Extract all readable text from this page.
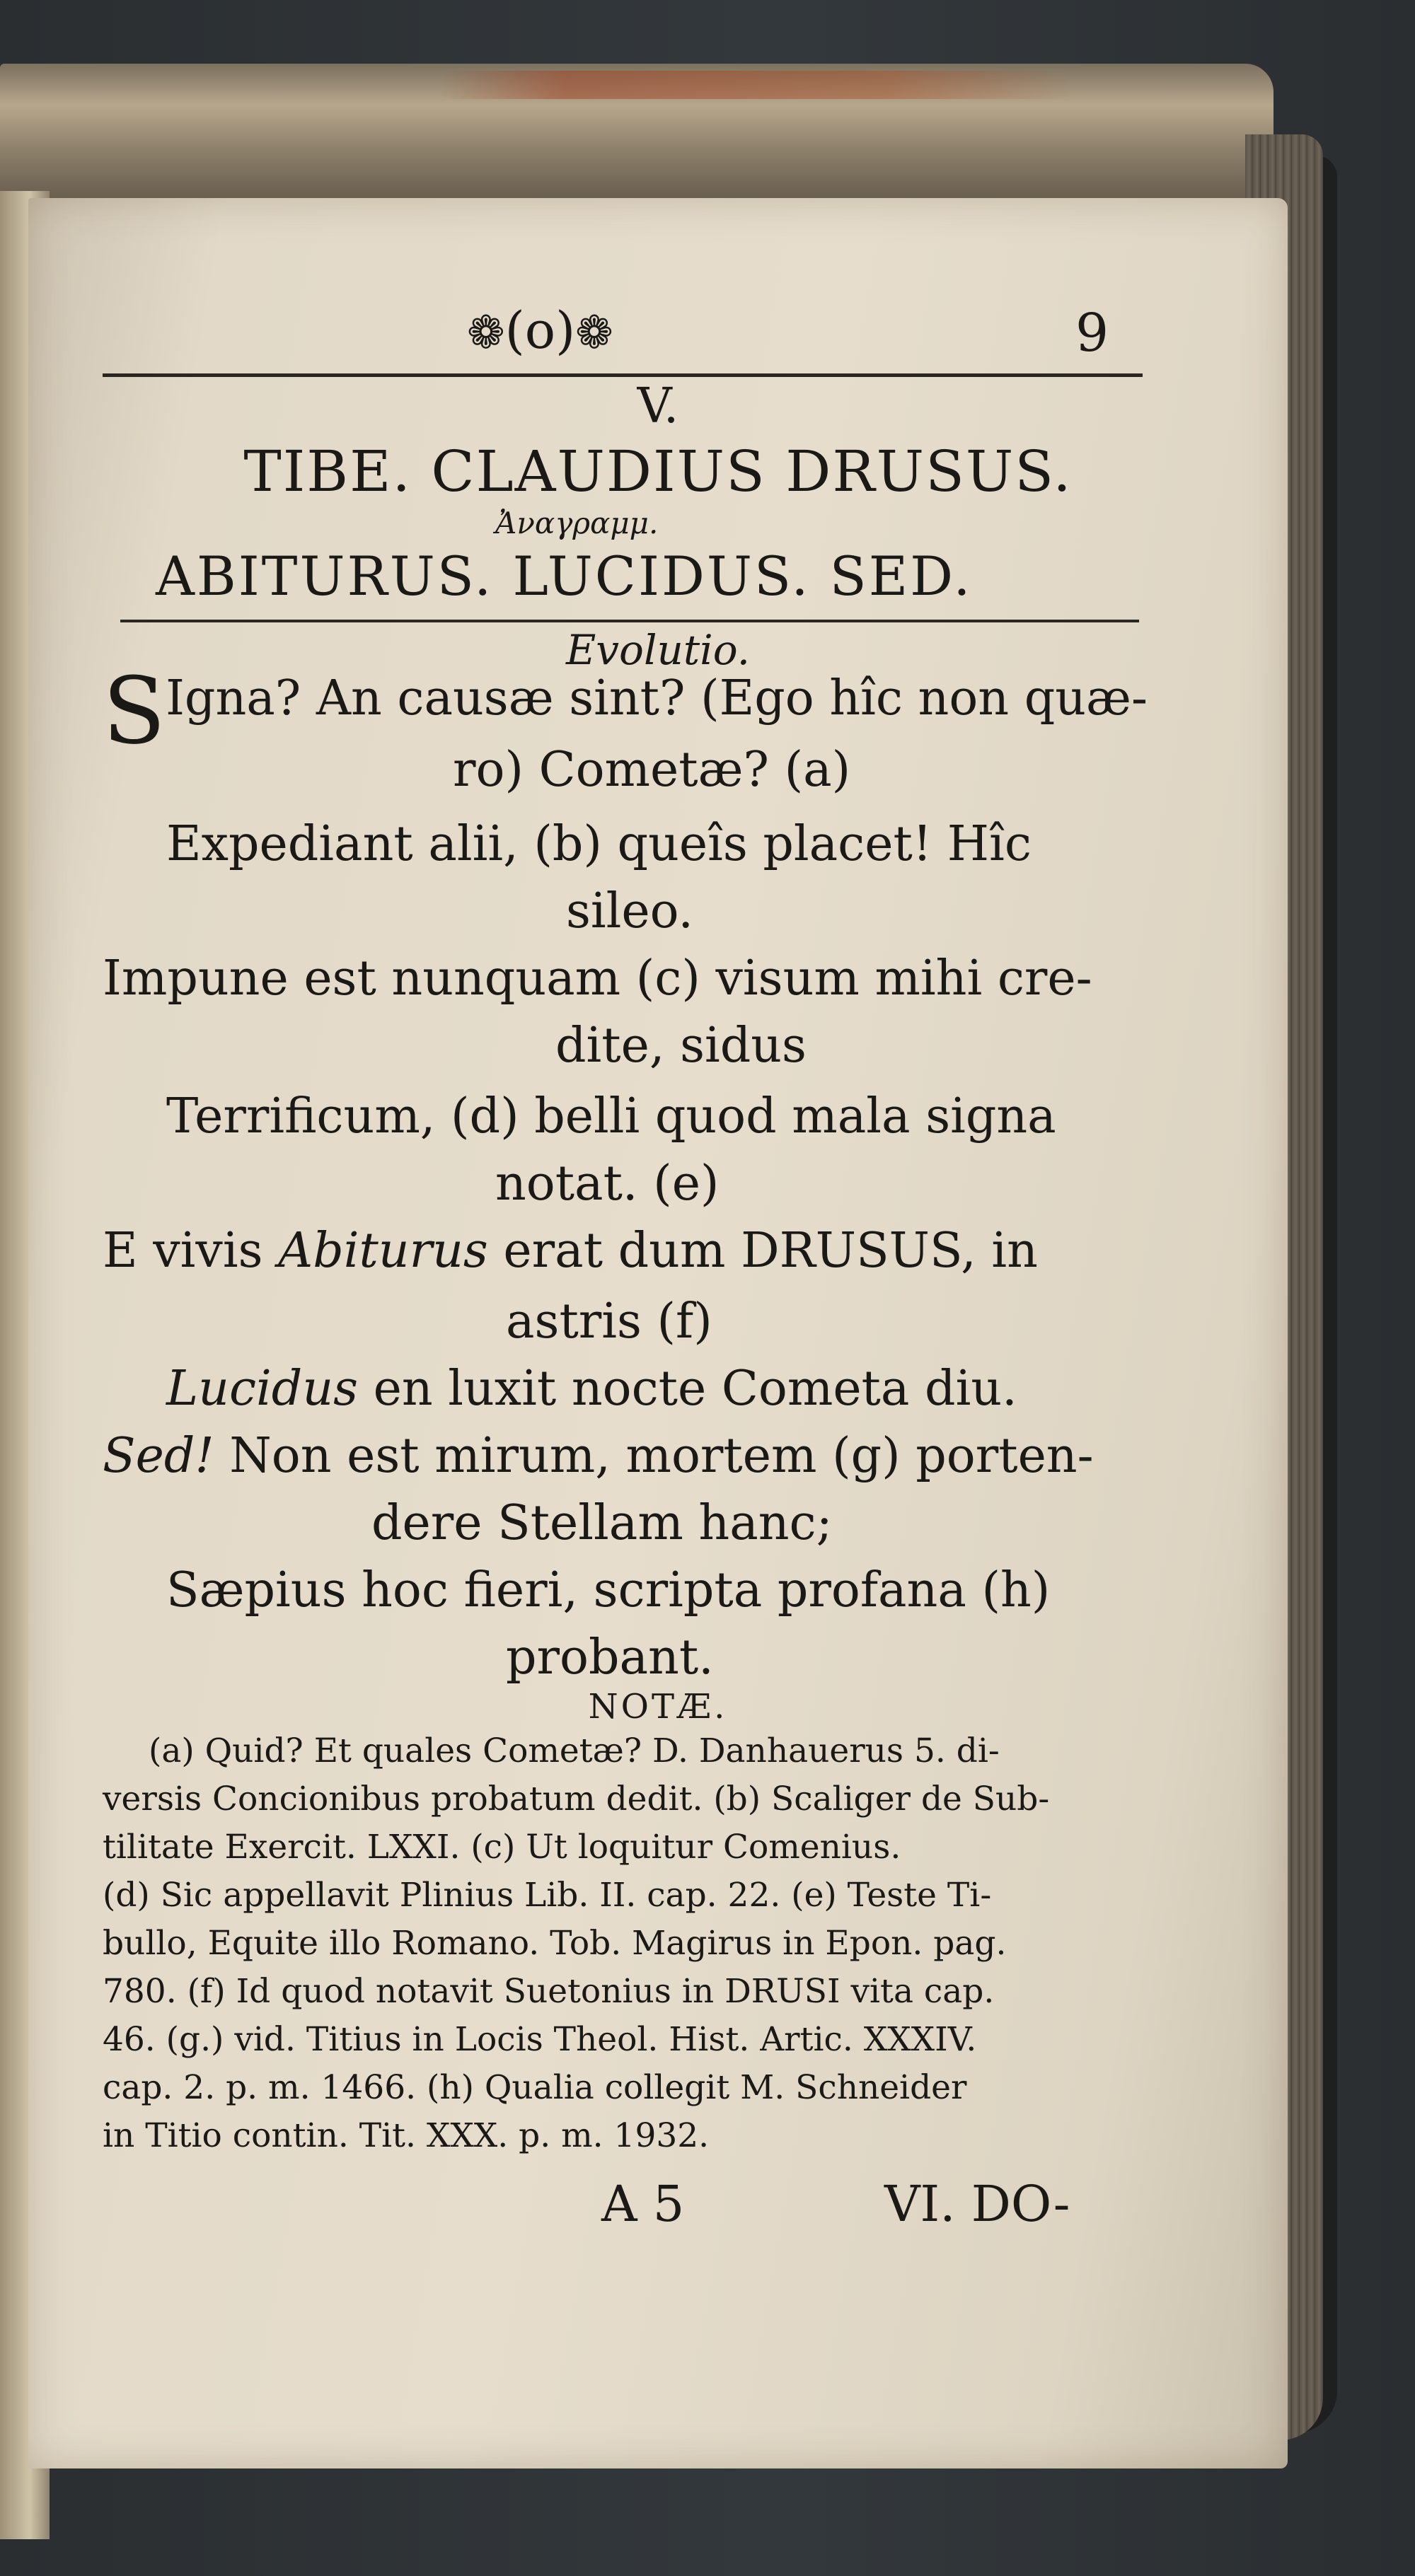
❁(o)❁	9
V.
TIBE. CLAUDIUS DRUSUS.
Ἀναγραμμ.
ABITURUS. LUCIDUS. SED.
Evolutio.
SIgna? An causæ sint? (Ego hîc non quæ-
ro) Cometæ? (a)
Expediant alii, (b) queîs placet! Hîc
sileo.
Impune est nunquam (c) visum mihi cre-
dite, sidus
Terrificum, (d) belli quod mala signa
notat. (e)
E vivis Abiturus erat dum DRUSUS, in
astris (f)
Lucidus en luxit nocte Cometa diu.
Sed! Non est mirum, mortem (g) porten-
dere Stellam hanc;
Sæpius hoc fieri, scripta profana (h)
probant.
NOTÆ.
(a) Quid? Et quales Cometæ? D. Danhauerus 5. di-
versis Concionibus probatum dedit. (b) Scaliger de Sub-
tilitate Exercit. LXXI. (c) Ut loquitur Comenius.
(d) Sic appellavit Plinius Lib. II. cap. 22. (e) Teste Ti-
bullo, Equite illo Romano. Tob. Magirus in Epon. pag.
780. (f) Id quod notavit Suetonius in DRUSI vita cap.
46. (g.) vid. Titius in Locis Theol. Hist. Artic. XXXIV.
cap. 2. p. m. 1466. (h) Qualia collegit M. Schneider
in Titio contin. Tit. XXX. p. m. 1932.
A 5	VI. DO-
